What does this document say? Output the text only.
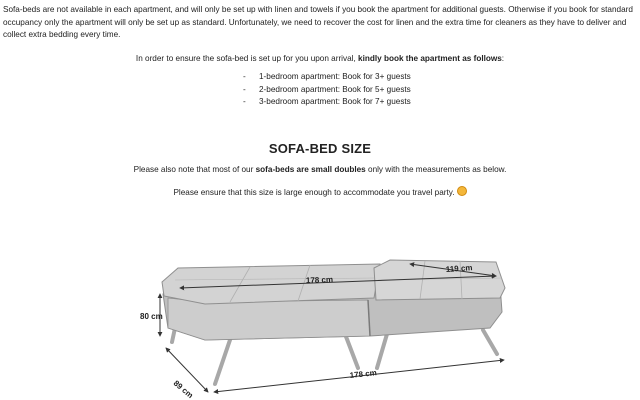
Sofa-beds are not available in each apartment, and will only be set up with linen and towels if you book the apartment for additional guests. Otherwise if you book for standard occupancy only the apartment will only be set up as standard. Unfortunately, we need to recover the cost for linen and the extra time for cleaners as they have to deliver and collect extra bedding every time.

In order to ensure the sofa-bed is set up for you upon arrival, kindly book the apartment as follows:

- 1-bedroom apartment: Book for 3+ guests
- 2-bedroom apartment: Book for 5+ guests
- 3-bedroom apartment: Book for 7+ guests
SOFA-BED SIZE

Please also note that most of our sofa-beds are small doubles only with the measurements as below.

Please ensure that this size is large enough to accommodate you travel party.

119 cm
178 cm
80 cm
89 cm
178 cm
